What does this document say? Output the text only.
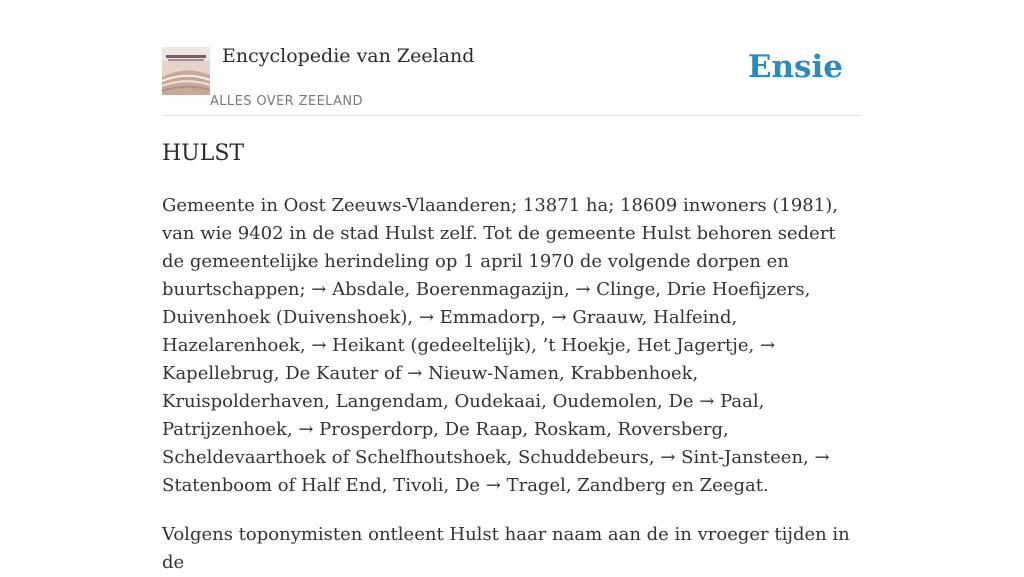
Encyclopedie van Zeeland
ALLES OVER ZEELAND
Ensie
HULST

Gemeente in Oost Zeeuws-Vlaanderen; 13871 ha; 18609 inwoners (1981), van wie 9402 in de stad Hulst zelf. Tot de gemeente Hulst behoren sedert de gemeentelijke herindeling op 1 april 1970 de volgende dorpen en buurtschappen; → Absdale, Boerenmagazijn, → Clinge, Drie Hoefijzers, Duivenhoek (Duivenshoek), → Emmadorp, → Graauw, Halfeind, Hazelarenhoek, → Heikant (gedeeltelijk), ’t Hoekje, Het Jagertje, → Kapellebrug, De Kauter of → Nieuw-Namen, Krabbenhoek, Kruispolderhaven, Langendam, Oudekaai, Oudemolen, De → Paal, Patrijzenhoek, → Prosperdorp, De Raap, Roskam, Roversberg, Scheldevaarthoek of Schelfhoutshoek, Schuddebeurs, → Sint-Jansteen, → Statenboom of Half End, Tivoli, De → Tragel, Zandberg en Zeegat.

Volgens toponymisten ontleent Hulst haar naam aan de in vroeger tijden in de
